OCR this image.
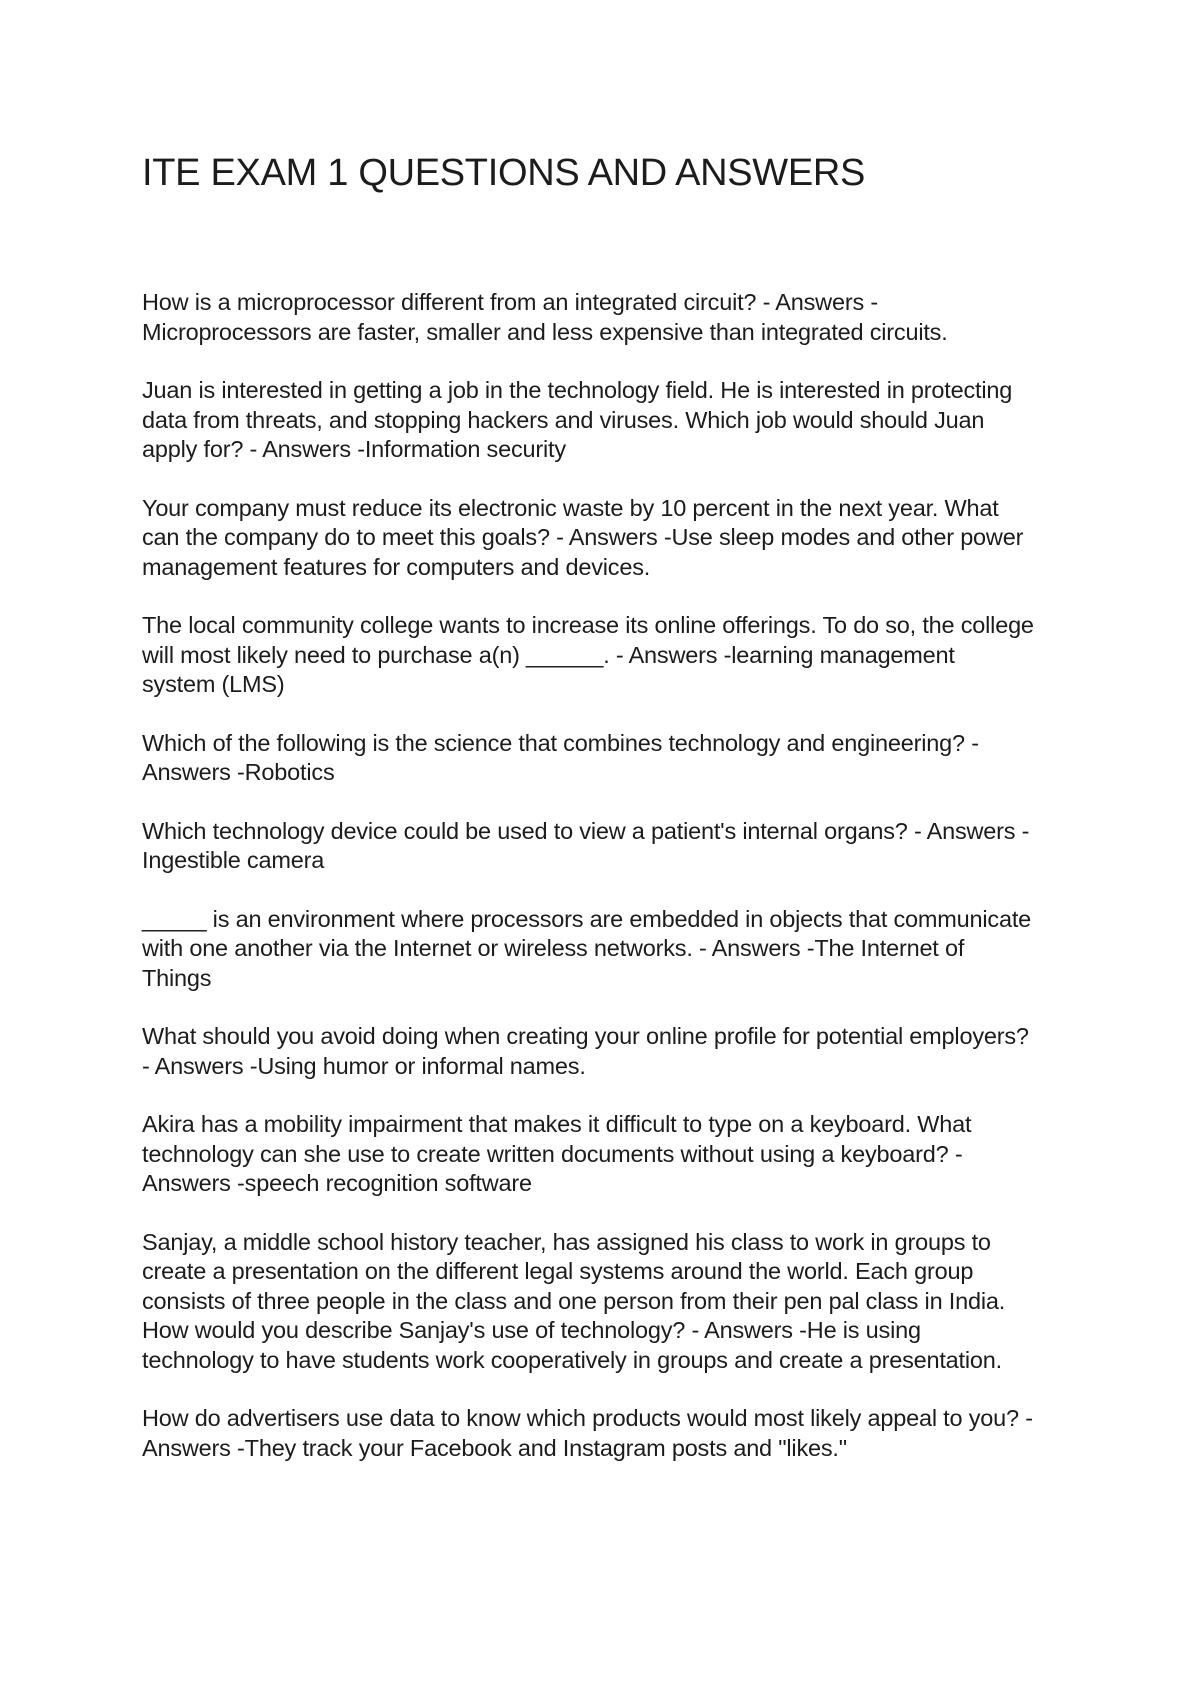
ITE EXAM 1 QUESTIONS AND ANSWERS

How is a microprocessor different from an integrated circuit? - Answers -
Microprocessors are faster, smaller and less expensive than integrated circuits.

Juan is interested in getting a job in the technology field. He is interested in protecting
data from threats, and stopping hackers and viruses. Which job would should Juan
apply for? - Answers -Information security

Your company must reduce its electronic waste by 10 percent in the next year. What
can the company do to meet this goals? - Answers -Use sleep modes and other power
management features for computers and devices.

The local community college wants to increase its online offerings. To do so, the college
will most likely need to purchase a(n) ______. - Answers -learning management
system (LMS)

Which of the following is the science that combines technology and engineering? -
Answers -Robotics

Which technology device could be used to view a patient's internal organs? - Answers -
Ingestible camera

_____ is an environment where processors are embedded in objects that communicate
with one another via the Internet or wireless networks. - Answers -The Internet of
Things

What should you avoid doing when creating your online profile for potential employers?
- Answers -Using humor or informal names.

Akira has a mobility impairment that makes it difficult to type on a keyboard. What
technology can she use to create written documents without using a keyboard? -
Answers -speech recognition software

Sanjay, a middle school history teacher, has assigned his class to work in groups to
create a presentation on the different legal systems around the world. Each group
consists of three people in the class and one person from their pen pal class in India.
How would you describe Sanjay's use of technology? - Answers -He is using
technology to have students work cooperatively in groups and create a presentation.

How do advertisers use data to know which products would most likely appeal to you? -
Answers -They track your Facebook and Instagram posts and "likes."
